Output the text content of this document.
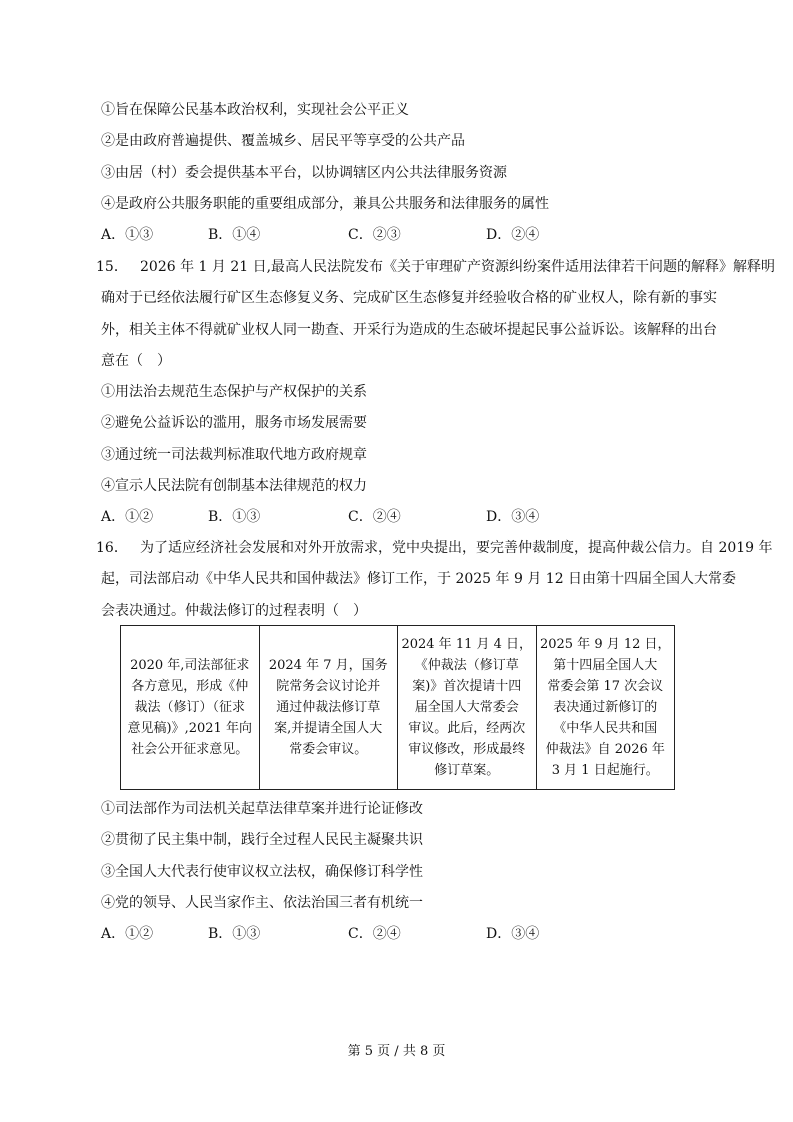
①旨在保障公民基本政治权利，实现社会公平正义
②是由政府普遍提供、覆盖城乡、居民平等享受的公共产品
③由居（村）委会提供基本平台，以协调辖区内公共法律服务资源
④是政府公共服务职能的重要组成部分，兼具公共服务和法律服务的属性
A．①③	B．①④	C．②③	D．②④
15． 2026 年 1 月 21 日,最高人民法院发布《关于审理矿产资源纠纷案件适用法律若干问题的解释》解释明
确对于已经依法履行矿区生态修复义务、完成矿区生态修复并经验收合格的矿业权人，除有新的事实
外，相关主体不得就矿业权人同一勘查、开采行为造成的生态破坏提起民事公益诉讼。该解释的出台
意在（　）
①用法治去规范生态保护与产权保护的关系
②避免公益诉讼的滥用，服务市场发展需要
③通过统一司法裁判标准取代地方政府规章
④宣示人民法院有创制基本法律规范的权力
A．①②	B．①③	C．②④	D．③④
16． 为了适应经济社会发展和对外开放需求，党中央提出，要完善仲裁制度，提高仲裁公信力。自 2019 年
起，司法部启动《中华人民共和国仲裁法》修订工作，于 2025 年 9 月 12 日由第十四届全国人大常委
会表决通过。仲裁法修订的过程表明（　）
①司法部作为司法机关起草法律草案并进行论证修改
②贯彻了民主集中制，践行全过程人民民主凝聚共识
③全国人大代表行使审议权立法权，确保修订科学性
④党的领导、人民当家作主、依法治国三者有机统一
A．①②	B．①③	C．②④	D．③④
2020 年,司法部征求
各方意见，形成《仲
裁法（修订）（征求
意见稿)》,2021 年向
社会公开征求意见。

2024 年 7 月，国务
院常务会议讨论并
通过仲裁法修订草
案,并提请全国人大
常委会审议。

2024 年 11 月 4 日，
《仲裁法（修订草
案)》首次提请十四
届全国人大常委会
审议。此后，经两次
审议修改，形成最终
修订草案。

2025 年 9 月 12 日，
第十四届全国人大
常委会第 17 次会议
表决通过新修订的
《中华人民共和国
仲裁法》自 2026 年
3 月 1 日起施行。
第 5 页 / 共 8 页
